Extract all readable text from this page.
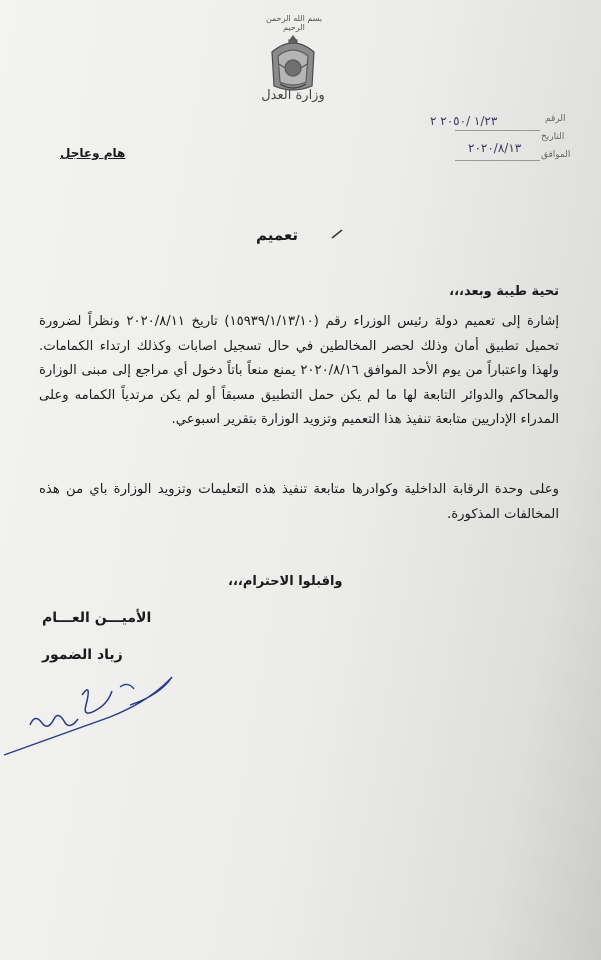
بسم الله الرحمن الرحيم
وزارة العدل
الرقم
١/٢٣ /٢٠٥٠ ٢
التاريخ
الموافق
٢٠٢٠/٨/١٣
هام وعاجل
تعميم
تحية طيبة وبعد،،،
إشارة إلى تعميم دولة رئيس الوزراء رقم (١٥٩٣٩/١/١٣/١٠) تاريخ ٢٠٢٠/٨/١١ ونظراً لضرورة تحميل تطبيق أمان وذلك لحصر المخالطين في حال تسجيل اصابات وكذلك ارتداء الكمامات. ولهذا واعتباراً من يوم الأحد الموافق ٢٠٢٠/٨/١٦ يمنع منعاً باتاً دخول أي مراجع إلى مبنى الوزارة والمحاكم والدوائر التابعة لها ما لم يكن حمل التطبيق مسبقاً أو لم يكن مرتدياً الكمامه وعلى المدراء الإداريين متابعة تنفيذ هذا التعميم وتزويد الوزارة بتقرير اسبوعي.
وعلى وحدة الرقابة الداخلية وكوادرها متابعة تنفيذ هذه التعليمات وتزويد الوزارة باي من هذه المخالفات المذكورة.
واقبلوا الاحترام،،،
الأميـــن العـــام
زياد الضمور
